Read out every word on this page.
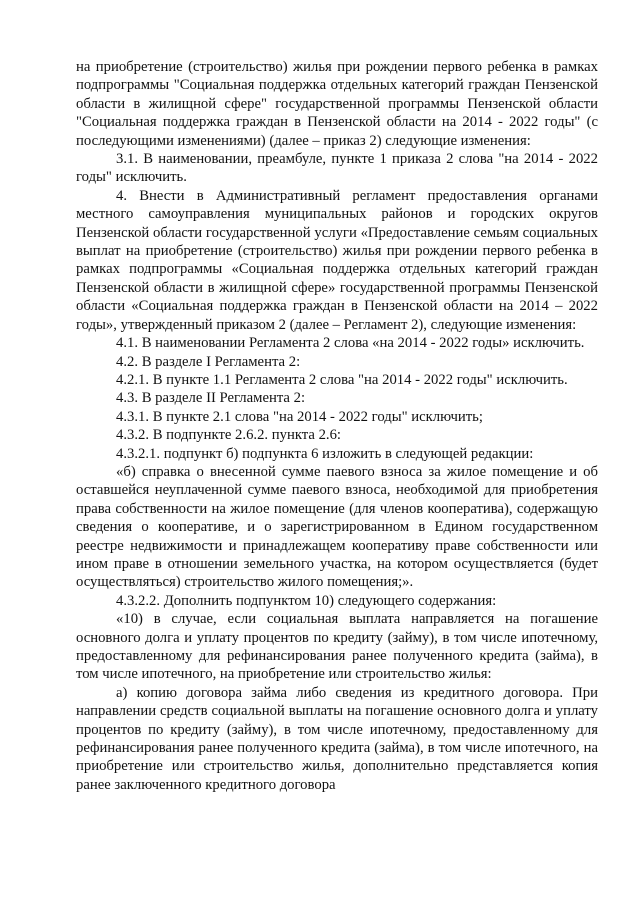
на приобретение (строительство) жилья при рождении первого ребенка в рамках подпрограммы "Социальная поддержка отдельных категорий граждан Пензенской области в жилищной сфере" государственной программы Пензенской области "Социальная поддержка граждан в Пензенской области на 2014 - 2022 годы" (с последующими изменениями) (далее – приказ 2) следующие изменения:

3.1. В наименовании, преамбуле, пункте 1 приказа 2 слова "на 2014 - 2022 годы" исключить.

4. Внести в Административный регламент предоставления органами местного самоуправления муниципальных районов и городских округов Пензенской области государственной услуги «Предоставление семьям социальных выплат на приобретение (строительство) жилья при рождении первого ребенка в рамках подпрограммы «Социальная поддержка отдельных категорий граждан Пензенской области в жилищной сфере» государственной программы Пензенской области «Социальная поддержка граждан в Пензенской области на 2014 – 2022 годы», утвержденный приказом 2 (далее – Регламент 2), следующие изменения:

4.1. В наименовании Регламента 2 слова «на 2014 - 2022 годы» исключить.

4.2. В разделе I Регламента 2:

4.2.1. В пункте 1.1 Регламента 2 слова "на 2014 - 2022 годы" исключить.

4.3. В разделе II Регламента 2:

4.3.1. В пункте 2.1 слова "на 2014 - 2022 годы" исключить;

4.3.2. В подпункте 2.6.2. пункта 2.6:

4.3.2.1. подпункт б) подпункта 6 изложить в следующей редакции:

«б) справка о внесенной сумме паевого взноса за жилое помещение и об оставшейся неуплаченной сумме паевого взноса, необходимой для приобретения права собственности на жилое помещение (для членов кооператива), содержащую сведения о кооперативе, и о зарегистрированном в Едином государственном реестре недвижимости и принадлежащем кооперативу праве собственности или ином праве в отношении земельного участка, на котором осуществляется (будет осуществляться) строительство жилого помещения;».

4.3.2.2. Дополнить подпунктом 10) следующего содержания:

«10) в случае, если социальная выплата направляется на погашение основного долга и уплату процентов по кредиту (займу), в том числе ипотечному, предоставленному для рефинансирования ранее полученного кредита (займа), в том числе ипотечного, на приобретение или строительство жилья:

а) копию договора займа либо сведения из кредитного договора. При направлении средств социальной выплаты на погашение основного долга и уплату процентов по кредиту (займу), в том числе ипотечному, предоставленному для рефинансирования ранее полученного кредита (займа), в том числе ипотечного, на приобретение или строительство жилья, дополнительно представляется копия ранее заключенного кредитного договора
